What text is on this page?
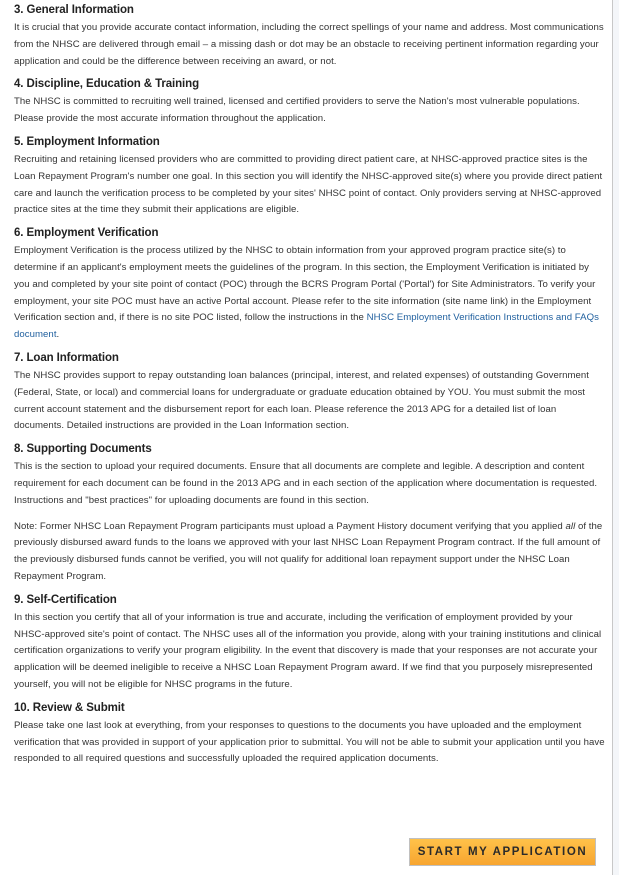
3. General Information

It is crucial that you provide accurate contact information, including the correct spellings of your name and address. Most communications from the NHSC are delivered through email – a missing dash or dot may be an obstacle to receiving pertinent information regarding your application and could be the difference between receiving an award, or not.

4. Discipline, Education & Training

The NHSC is committed to recruiting well trained, licensed and certified providers to serve the Nation's most vulnerable populations. Please provide the most accurate information throughout the application.

5. Employment Information

Recruiting and retaining licensed providers who are committed to providing direct patient care, at NHSC-approved practice sites is the Loan Repayment Program's number one goal. In this section you will identify the NHSC-approved site(s) where you provide direct patient care and launch the verification process to be completed by your sites' NHSC point of contact. Only providers serving at NHSC-approved practice sites at the time they submit their applications are eligible.

6. Employment Verification

Employment Verification is the process utilized by the NHSC to obtain information from your approved program practice site(s) to determine if an applicant's employment meets the guidelines of the program. In this section, the Employment Verification is initiated by you and completed by your site point of contact (POC) through the BCRS Program Portal ('Portal') for Site Administrators. To verify your employment, your site POC must have an active Portal account. Please refer to the site information (site name link) in the Employment Verification section and, if there is no site POC listed, follow the instructions in the NHSC Employment Verification Instructions and FAQs document.

7. Loan Information

The NHSC provides support to repay outstanding loan balances (principal, interest, and related expenses) of outstanding Government (Federal, State, or local) and commercial loans for undergraduate or graduate education obtained by YOU. You must submit the most current account statement and the disbursement report for each loan. Please reference the 2013 APG for a detailed list of loan documents. Detailed instructions are provided in the Loan Information section.

8. Supporting Documents

This is the section to upload your required documents. Ensure that all documents are complete and legible. A description and content requirement for each document can be found in the 2013 APG and in each section of the application where documentation is requested. Instructions and "best practices" for uploading documents are found in this section.

Note: Former NHSC Loan Repayment Program participants must upload a Payment History document verifying that you applied all of the previously disbursed award funds to the loans we approved with your last NHSC Loan Repayment Program contract. If the full amount of the previously disbursed funds cannot be verified, you will not qualify for additional loan repayment support under the NHSC Loan Repayment Program.

9. Self-Certification

In this section you certify that all of your information is true and accurate, including the verification of employment provided by your NHSC-approved site's point of contact. The NHSC uses all of the information you provide, along with your training institutions and clinical certification organizations to verify your program eligibility. In the event that discovery is made that your responses are not accurate your application will be deemed ineligible to receive a NHSC Loan Repayment Program award. If we find that you purposely misrepresented yourself, you will not be eligible for NHSC programs in the future.

10. Review & Submit

Please take one last look at everything, from your responses to questions to the documents you have uploaded and the employment verification that was provided in support of your application prior to submittal. You will not be able to submit your application until you have responded to all required questions and successfully uploaded the required application documents.

START MY APPLICATION
